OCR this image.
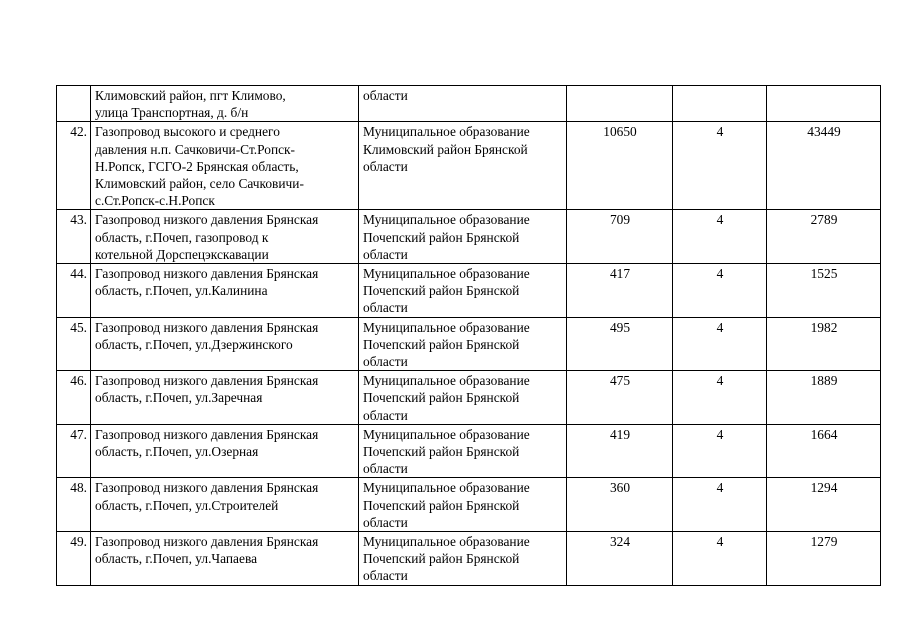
	Климовский район, пгт Климово,
улица Транспортная, д. б/н	области			

42.	Газопровод высокого и среднего
давления н.п. Сачковичи-Ст.Ропск-
Н.Ропск, ГСГО-2 Брянская область,
Климовский район, село Сачковичи-
с.Ст.Ропск-с.Н.Ропск	Муниципальное образование
Климовский район Брянской
области	10650	4	43449
43.	Газопровод низкого давления Брянская
область, г.Почеп, газопровод к
котельной Дорспецэкскавации	Муниципальное образование
Почепский район Брянской
области	709	4	2789
44.	Газопровод низкого давления Брянская
область, г.Почеп, ул.Калинина	Муниципальное образование
Почепский район Брянской
области	417	4	1525
45.	Газопровод низкого давления Брянская
область, г.Почеп, ул.Дзержинского	Муниципальное образование
Почепский район Брянской
области	495	4	1982
46.	Газопровод низкого давления Брянская
область, г.Почеп, ул.Заречная	Муниципальное образование
Почепский район Брянской
области	475	4	1889
47.	Газопровод низкого давления Брянская
область, г.Почеп, ул.Озерная	Муниципальное образование
Почепский район Брянской
области	419	4	1664
48.	Газопровод низкого давления Брянская
область, г.Почеп, ул.Строителей	Муниципальное образование
Почепский район Брянской
области	360	4	1294
49.	Газопровод низкого давления Брянская
область, г.Почеп, ул.Чапаева	Муниципальное образование
Почепский район Брянской
области	324	4	1279
